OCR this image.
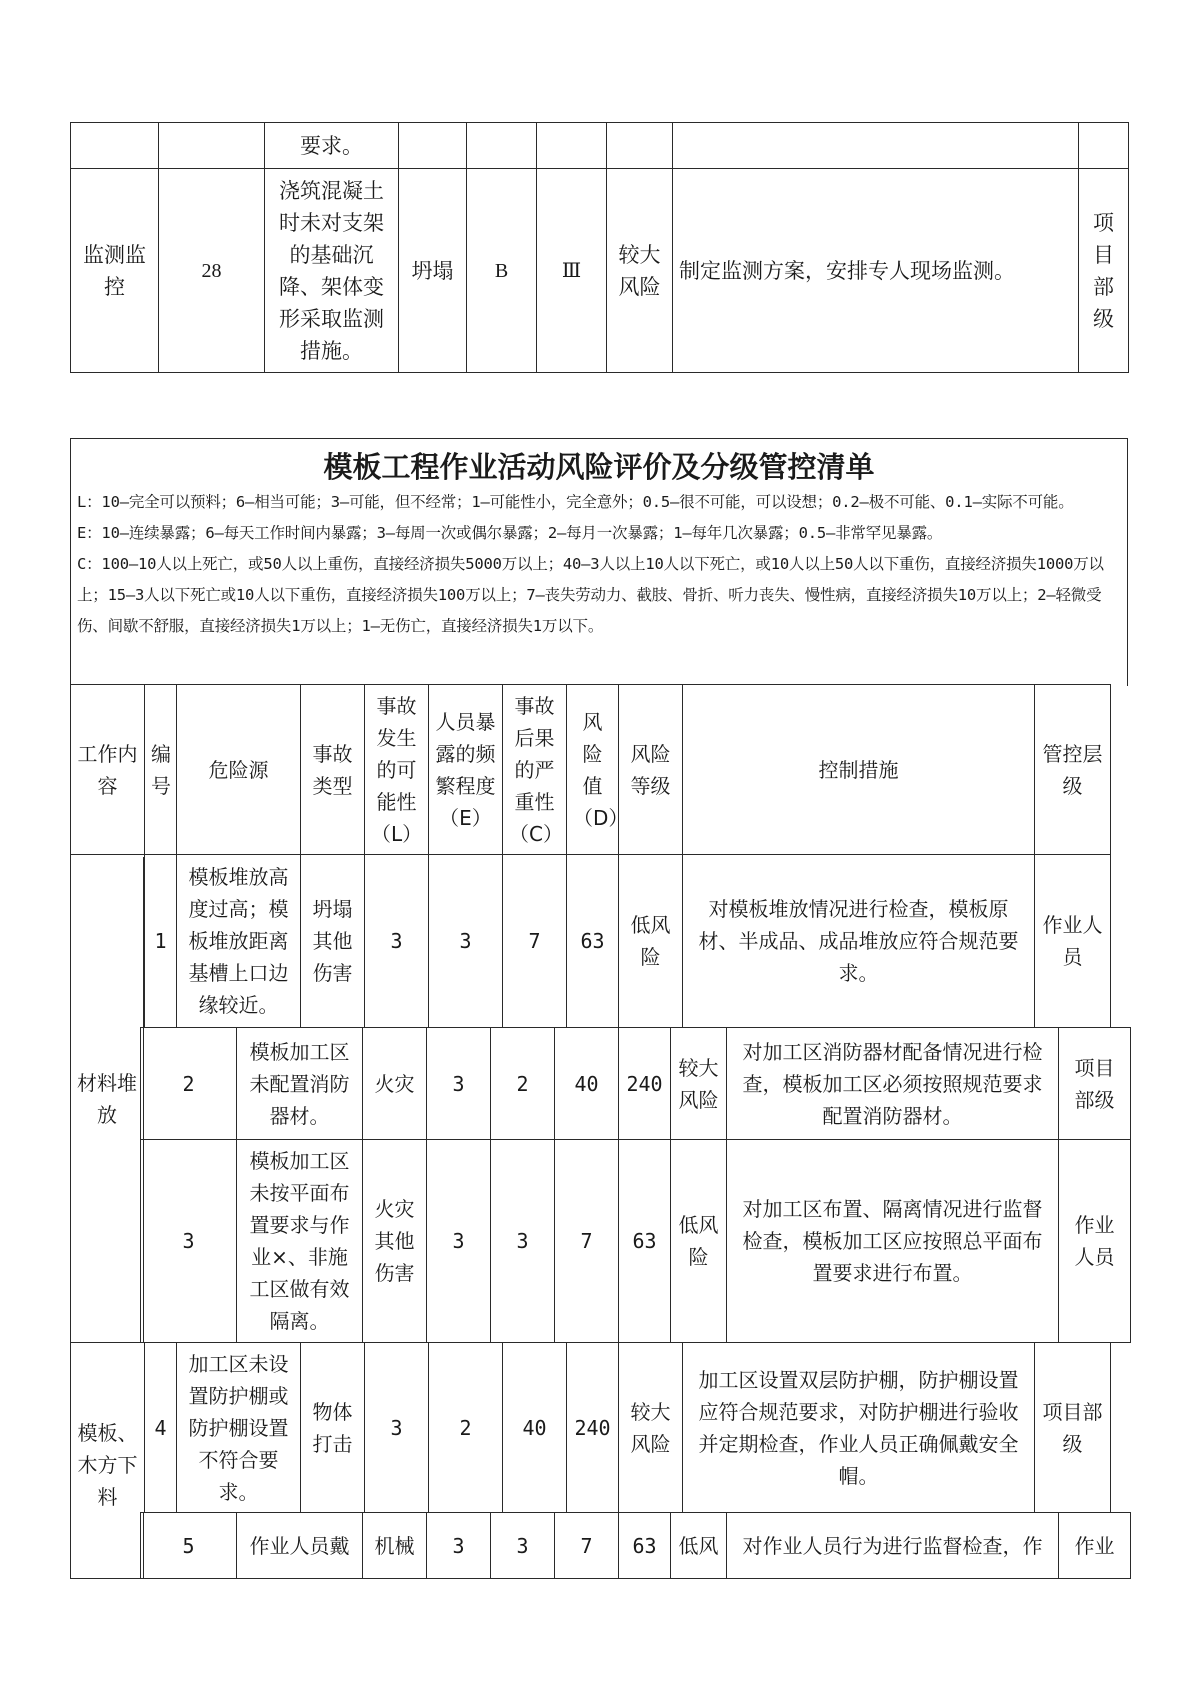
		要求。						
监测监控	28	浇筑混凝土时未对支架的基础沉降、架体变形采取监测措施。	坍塌	B	Ⅲ	较大风险	制定监测方案，安排专人现场监测。	项目部级
模板工程作业活动风险评价及分级管控清单
L：10—完全可以预料；6—相当可能；3—可能，但不经常；1—可能性小，完全意外；0.5—很不可能，可以设想；0.2—极不可能、0.1—实际不可能。
E：10—连续暴露；6—每天工作时间内暴露；3—每周一次或偶尔暴露；2—每月一次暴露；1—每年几次暴露；0.5—非常罕见暴露。
C：100—10人以上死亡，或50人以上重伤，直接经济损失5000万以上；40—3人以上10人以下死亡，或10人以上50人以下重伤，直接经济损失1000万以上；15—3人以下死亡或10人以下重伤，直接经济损失100万以上；7—丧失劳动力、截肢、骨折、听力丧失、慢性病，直接经济损失10万以上；2—轻微受伤、间歇不舒服，直接经济损失1万以上；1—无伤亡，直接经济损失1万以下。
工作内容	编号	危险源	事故类型	事故发生的可能性（L）	人员暴露的频繁程度（E）	事故后果的严重性（C）	风险值（D）	风险等级	控制措施	管控层级
	1	模板堆放高度过高；模板堆放距离基槽上口边缘较近。	坍塌其他伤害	3	3	7	63	低风险	对模板堆放情况进行检查，模板原材、半成品、成品堆放应符合规范要求。	作业人员
材料堆放
2	模板加工区未配置消防器材。	火灾	3	2	40	240	较大风险	对加工区消防器材配备情况进行检查，模板加工区必须按照规范要求配置消防器材。	项目部级
3	模板加工区未按平面布置要求与作业×、非施工区做有效隔离。	火灾其他伤害	3	3	7	63	低风险	对加工区布置、隔离情况进行监督检查，模板加工区应按照总平面布置要求进行布置。	作业人员
模板、木方下料
	4	加工区未设置防护棚或防护棚设置不符合要求。	物体打击	3	2	40	240	较大风险	加工区设置双层防护棚，防护棚设置应符合规范要求，对防护棚进行验收并定期检查，作业人员正确佩戴安全帽。	项目部级
5	作业人员戴	机械	3	3	7	63	低风	对作业人员行为进行监督检查，作	作业
